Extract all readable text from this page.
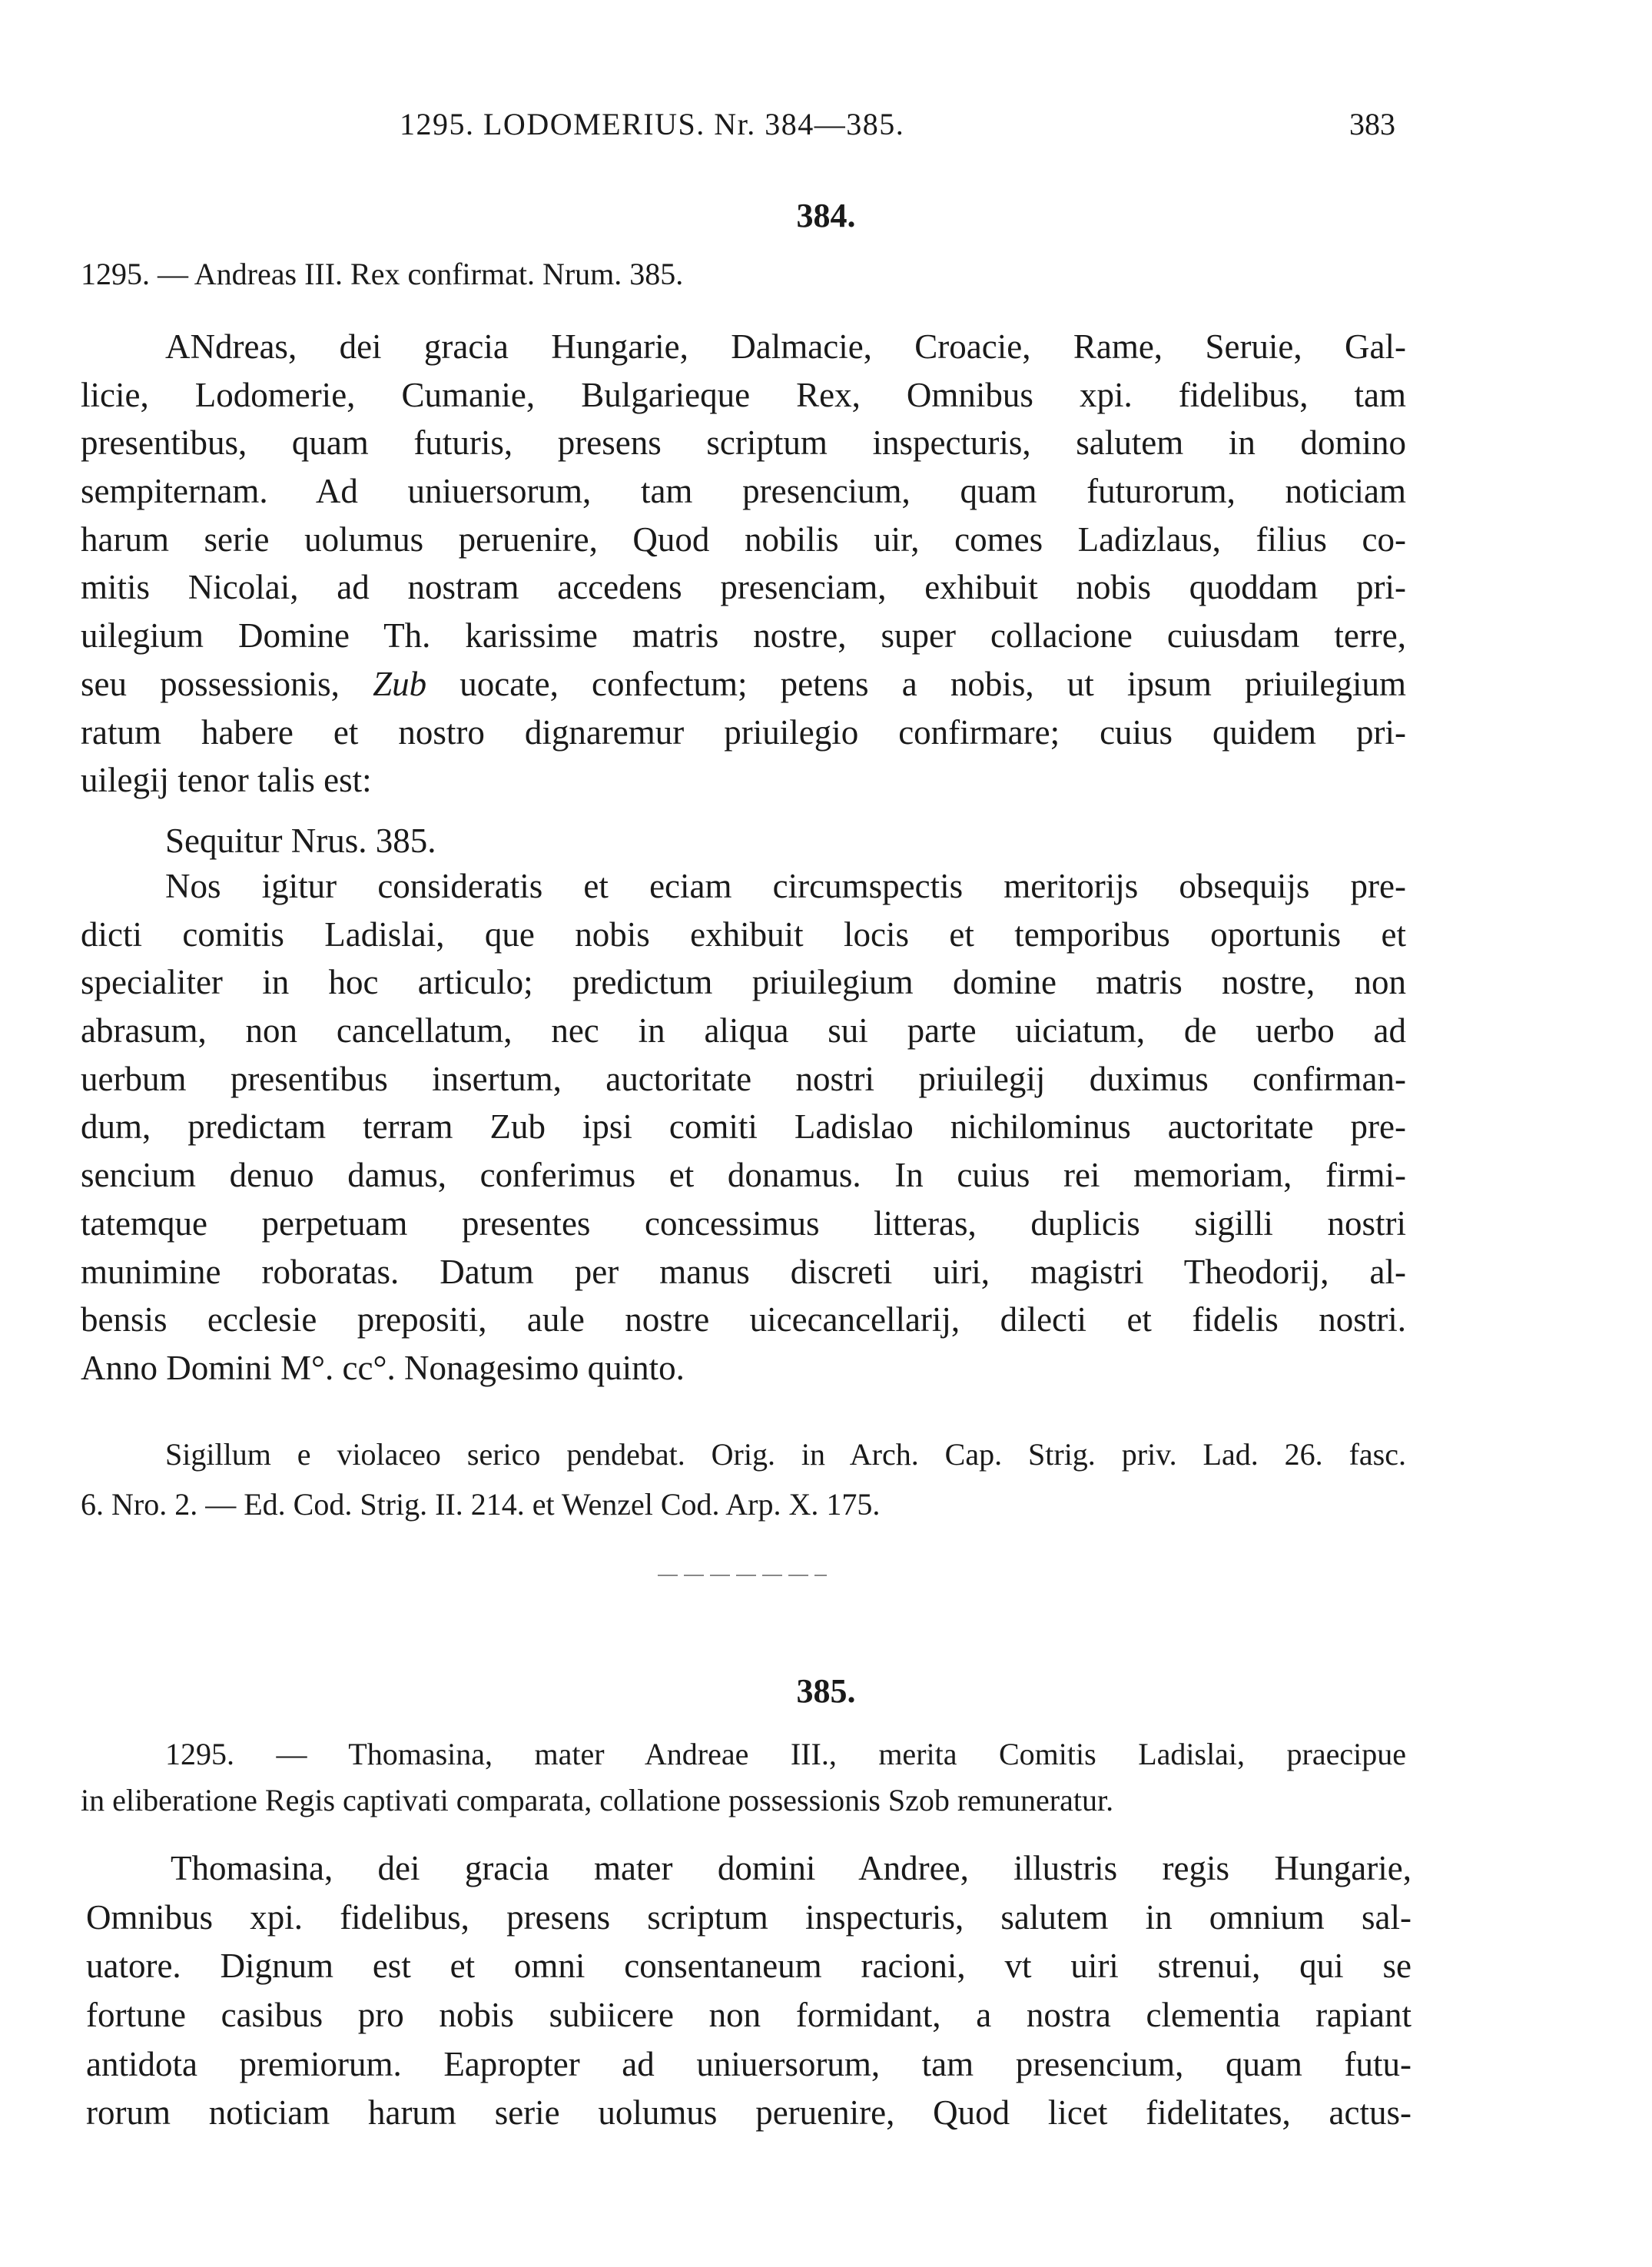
1295. LODOMERIUS. Nr. 384—385.	383
384.
1295. — Andreas III. Rex confirmat. Nrum. 385.
ANdreas, dei gracia Hungarie, Dalmacie, Croacie, Rame, Seruie, Gal-
licie, Lodomerie, Cumanie, Bulgarieque Rex, Omnibus xpi. fidelibus, tam
presentibus, quam futuris, presens scriptum inspecturis, salutem in domino
sempiternam. Ad uniuersorum, tam presencium, quam futurorum, noticiam
harum serie uolumus peruenire, Quod nobilis uir, comes Ladizlaus, filius co-
mitis Nicolai, ad nostram accedens presenciam, exhibuit nobis quoddam pri-
uilegium Domine Th. karissime matris nostre, super collacione cuiusdam terre,
seu possessionis, Zub uocate, confectum; petens a nobis, ut ipsum priuilegium
ratum habere et nostro dignaremur priuilegio confirmare; cuius quidem pri-
uilegij tenor talis est:
Sequitur Nrus. 385.
Nos igitur consideratis et eciam circumspectis meritorijs obsequijs pre-
dicti comitis Ladislai, que nobis exhibuit locis et temporibus oportunis et
specialiter in hoc articulo; predictum priuilegium domine matris nostre, non
abrasum, non cancellatum, nec in aliqua sui parte uiciatum, de uerbo ad
uerbum presentibus insertum, auctoritate nostri priuilegij duximus confirman-
dum, predictam terram Zub ipsi comiti Ladislao nichilominus auctoritate pre-
sencium denuo damus, conferimus et donamus. In cuius rei memoriam, firmi-
tatemque perpetuam presentes concessimus litteras, duplicis sigilli nostri
munimine roboratas. Datum per manus discreti uiri, magistri Theodorij, al-
bensis ecclesie prepositi, aule nostre uicecancellarij, dilecti et fidelis nostri.
Anno Domini M°. cc°. Nonagesimo quinto.
Sigillum e violaceo serico pendebat. Orig. in Arch. Cap. Strig. priv. Lad. 26. fasc.
6. Nro. 2. — Ed. Cod. Strig. II. 214. et Wenzel Cod. Arp. X. 175.
385.
1295. — Thomasina, mater Andreae III., merita Comitis Ladislai, praecipue
in eliberatione Regis captivati comparata, collatione possessionis Szob remuneratur.
Thomasina, dei gracia mater domini Andree, illustris regis Hungarie,
Omnibus xpi. fidelibus, presens scriptum inspecturis, salutem in omnium sal-
uatore. Dignum est et omni consentaneum racioni, vt uiri strenui, qui se
fortune casibus pro nobis subiicere non formidant, a nostra clementia rapiant
antidota premiorum. Eapropter ad uniuersorum, tam presencium, quam futu-
rorum noticiam harum serie uolumus peruenire, Quod licet fidelitates, actus-
